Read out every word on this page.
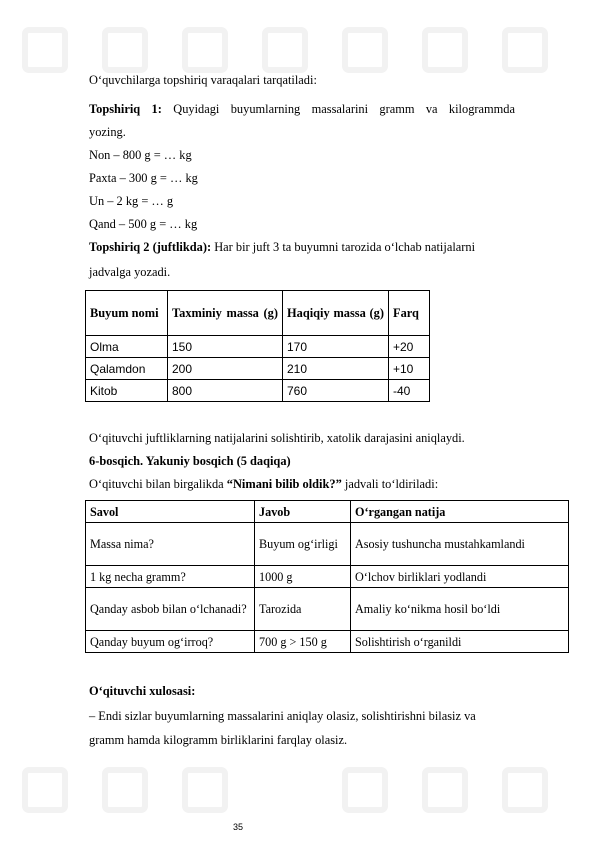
O‘quvchilarga topshiriq varaqalari tarqatiladi:
Topshiriq 1: Quyidagi buyumlarning massalarini gramm va kilogrammda
yozing.
Non – 800 g = … kg
Paxta – 300 g = … kg
Un – 2 kg = … g
Qand – 500 g = … kg
Topshiriq 2 (juftlikda): Har bir juft 3 ta buyumni tarozida o‘lchab natijalarni
jadvalga yozadi.
Buyum nomi	Taxminiy massa (g)	Haqiqiy massa (g)	Farq
Olma	150	170	+20
Qalamdon	200	210	+10
Kitob	800	760	-40
O‘qituvchi juftliklarning natijalarini solishtirib, xatolik darajasini aniqlaydi.
6-bosqich. Yakuniy bosqich (5 daqiqa)
O‘qituvchi bilan birgalikda “Nimani bilib oldik?” jadvali to‘ldiriladi:
Savol	Javob	O‘rgangan natija
Massa nima?	Buyum og‘irligi	Asosiy tushuncha mustahkamlandi
1 kg necha gramm?	1000 g	O‘lchov birliklari yodlandi
Qanday asbob bilan o‘lchanadi?	Tarozida	Amaliy ko‘nikma hosil bo‘ldi
Qanday buyum og‘irroq?	700 g > 150 g	Solishtirish o‘rganildi
O‘qituvchi xulosasi:
– Endi sizlar buyumlarning massalarini aniqlay olasiz, solishtirishni bilasiz va
gramm hamda kilogramm birliklarini farqlay olasiz.
35
